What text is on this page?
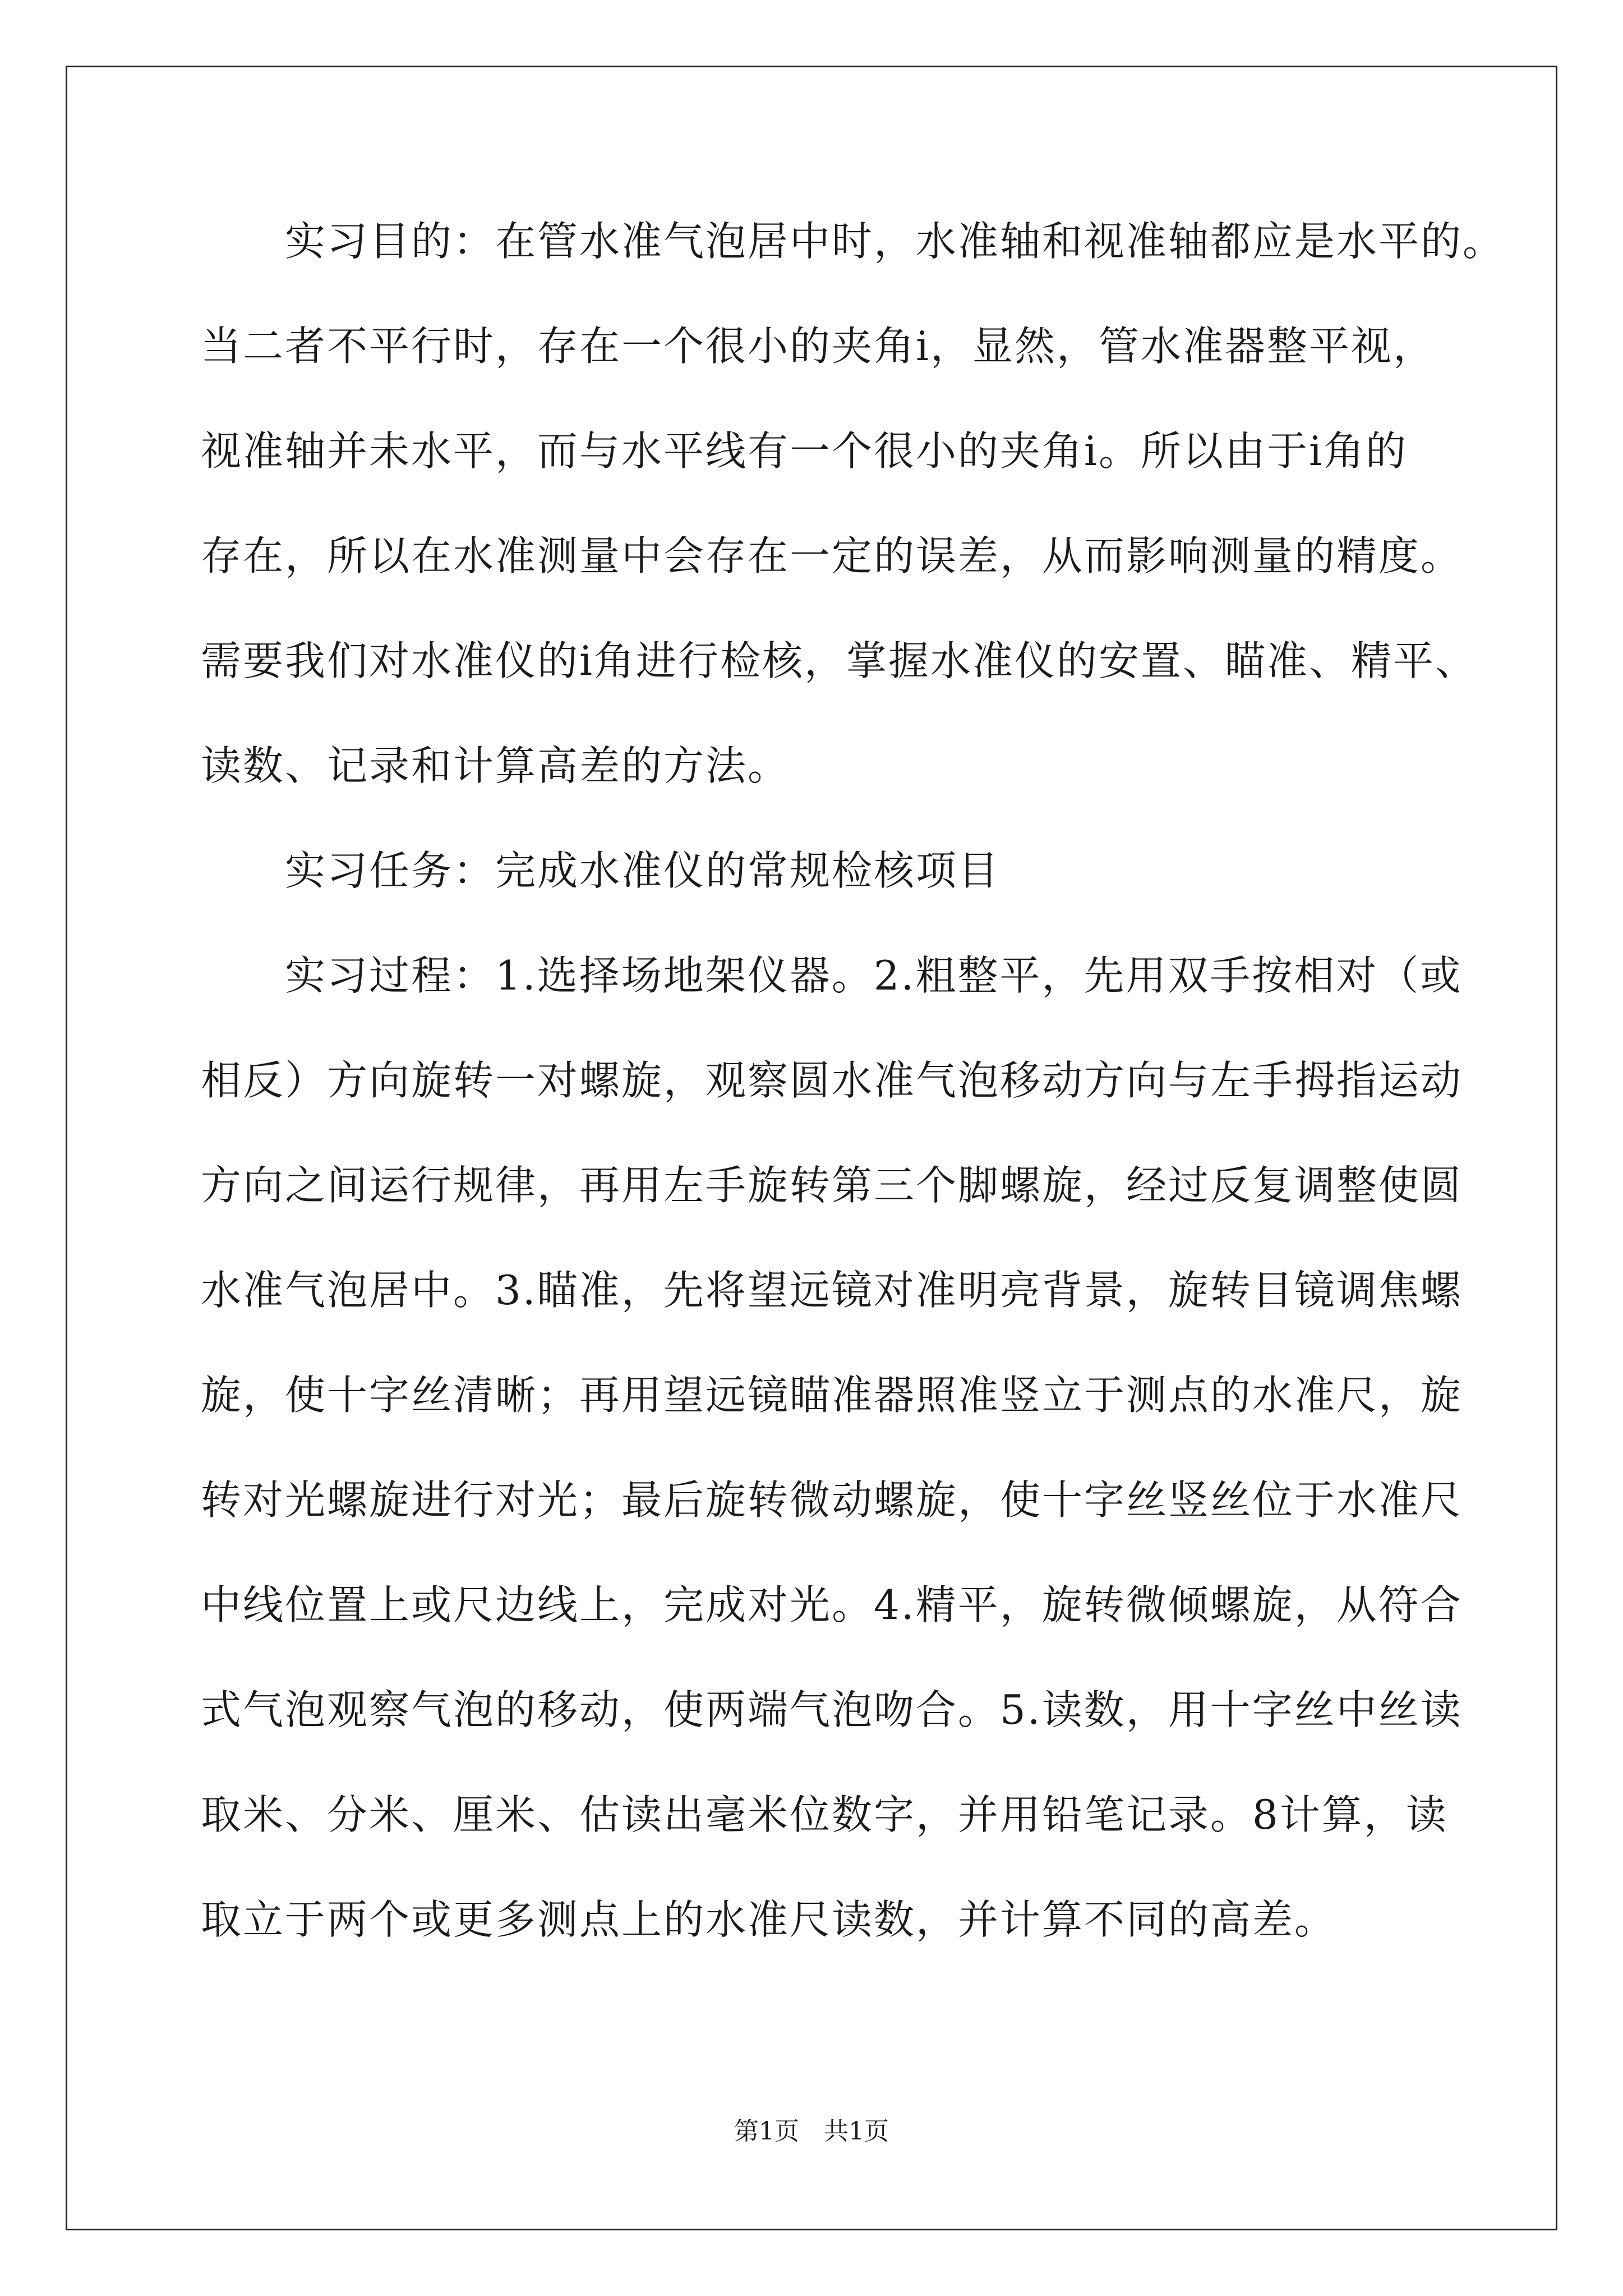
　　实习目的：在管水准气泡居中时，水准轴和视准轴都应是水平的。
当二者不平行时，存在一个很小的夹角i，显然，管水准器整平视，
视准轴并未水平，而与水平线有一个很小的夹角i。所以由于i角的
存在，所以在水准测量中会存在一定的误差，从而影响测量的精度。
需要我们对水准仪的i角进行检核，掌握水准仪的安置、瞄准、精平、
读数、记录和计算高差的方法。
　　实习任务：完成水准仪的常规检核项目
　　实习过程：1.选择场地架仪器。2.粗整平，先用双手按相对（或
相反）方向旋转一对螺旋，观察圆水准气泡移动方向与左手拇指运动
方向之间运行规律，再用左手旋转第三个脚螺旋，经过反复调整使圆
水准气泡居中。3.瞄准，先将望远镜对准明亮背景，旋转目镜调焦螺
旋，使十字丝清晰；再用望远镜瞄准器照准竖立于测点的水准尺，旋
转对光螺旋进行对光；最后旋转微动螺旋，使十字丝竖丝位于水准尺
中线位置上或尺边线上，完成对光。4.精平，旋转微倾螺旋，从符合
式气泡观察气泡的移动，使两端气泡吻合。5.读数，用十字丝中丝读
取米、分米、厘米、估读出毫米位数字，并用铅笔记录。8计算，读
取立于两个或更多测点上的水准尺读数，并计算不同的高差。
第1页　共1页
